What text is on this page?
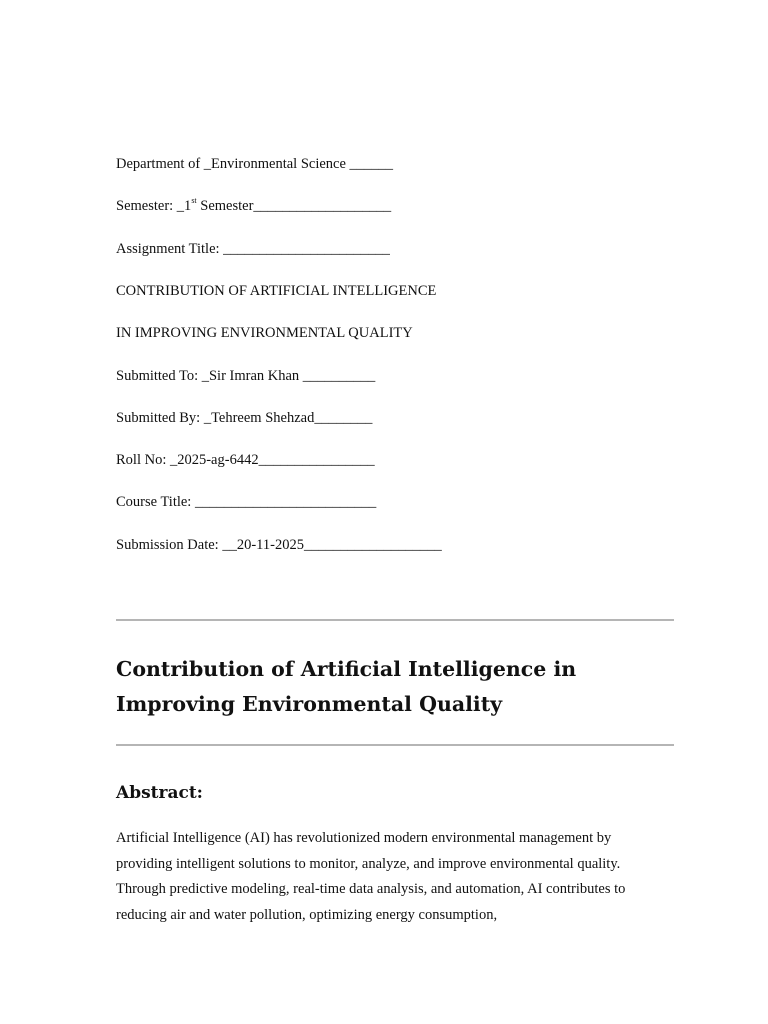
Department of _Environmental Science ______
Semester: _1st Semester___________________
Assignment Title: _______________________
CONTRIBUTION OF ARTIFICIAL INTELLIGENCE
IN IMPROVING ENVIRONMENTAL QUALITY
Submitted To: _Sir Imran Khan __________
Submitted By: _Tehreem Shehzad________
Roll No: _2025-ag-6442________________
Course Title: _________________________
Submission Date: __20-11-2025___________________
Contribution of Artificial Intelligence in Improving Environmental Quality
Abstract:

Artificial Intelligence (AI) has revolutionized modern environmental management by providing intelligent solutions to monitor, analyze, and improve environmental quality. Through predictive modeling, real-time data analysis, and automation, AI contributes to reducing air and water pollution, optimizing energy consumption,
